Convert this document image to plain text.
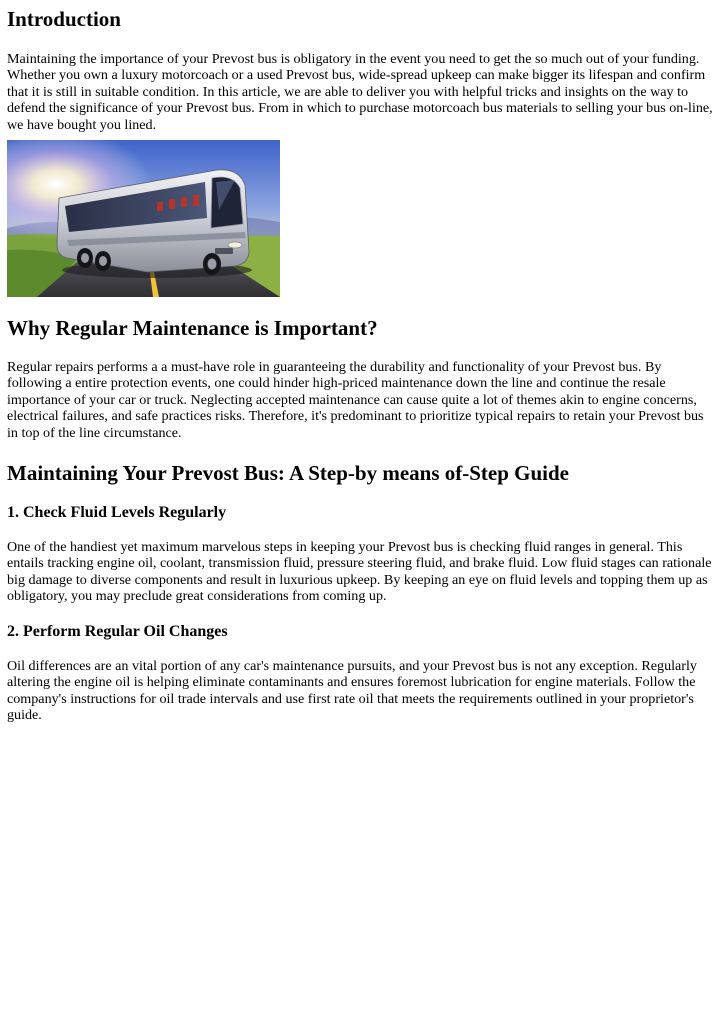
Introduction

Maintaining the importance of your Prevost bus is obligatory in the event you need to get the so much out of your funding. Whether you own a luxury motorcoach or a used Prevost bus, wide-spread upkeep can make bigger its lifespan and confirm that it is still in suitable condition. In this article, we are able to deliver you with helpful tricks and insights on the way to defend the significance of your Prevost bus. From in which to purchase motorcoach bus materials to selling your bus on-line, we have bought you lined.

Why Regular Maintenance is Important?

Regular repairs performs a a must-have role in guaranteeing the durability and functionality of your Prevost bus. By following a entire protection events, one could hinder high-priced maintenance down the line and continue the resale importance of your car or truck. Neglecting accepted maintenance can cause quite a lot of themes akin to engine concerns, electrical failures, and safe practices risks. Therefore, it's predominant to prioritize typical repairs to retain your Prevost bus in top of the line circumstance.

Maintaining Your Prevost Bus: A Step-by means of-Step Guide
1. Check Fluid Levels Regularly

One of the handiest yet maximum marvelous steps in keeping your Prevost bus is checking fluid ranges in general. This entails tracking engine oil, coolant, transmission fluid, pressure steering fluid, and brake fluid. Low fluid stages can rationale big damage to diverse components and result in luxurious upkeep. By keeping an eye on fluid levels and topping them up as obligatory, you may preclude great considerations from coming up.

2. Perform Regular Oil Changes

Oil differences are an vital portion of any car's maintenance pursuits, and your Prevost bus is not any exception. Regularly altering the engine oil is helping eliminate contaminants and ensures foremost lubrication for engine materials. Follow the company's instructions for oil trade intervals and use first rate oil that meets the requirements outlined in your proprietor's guide.
